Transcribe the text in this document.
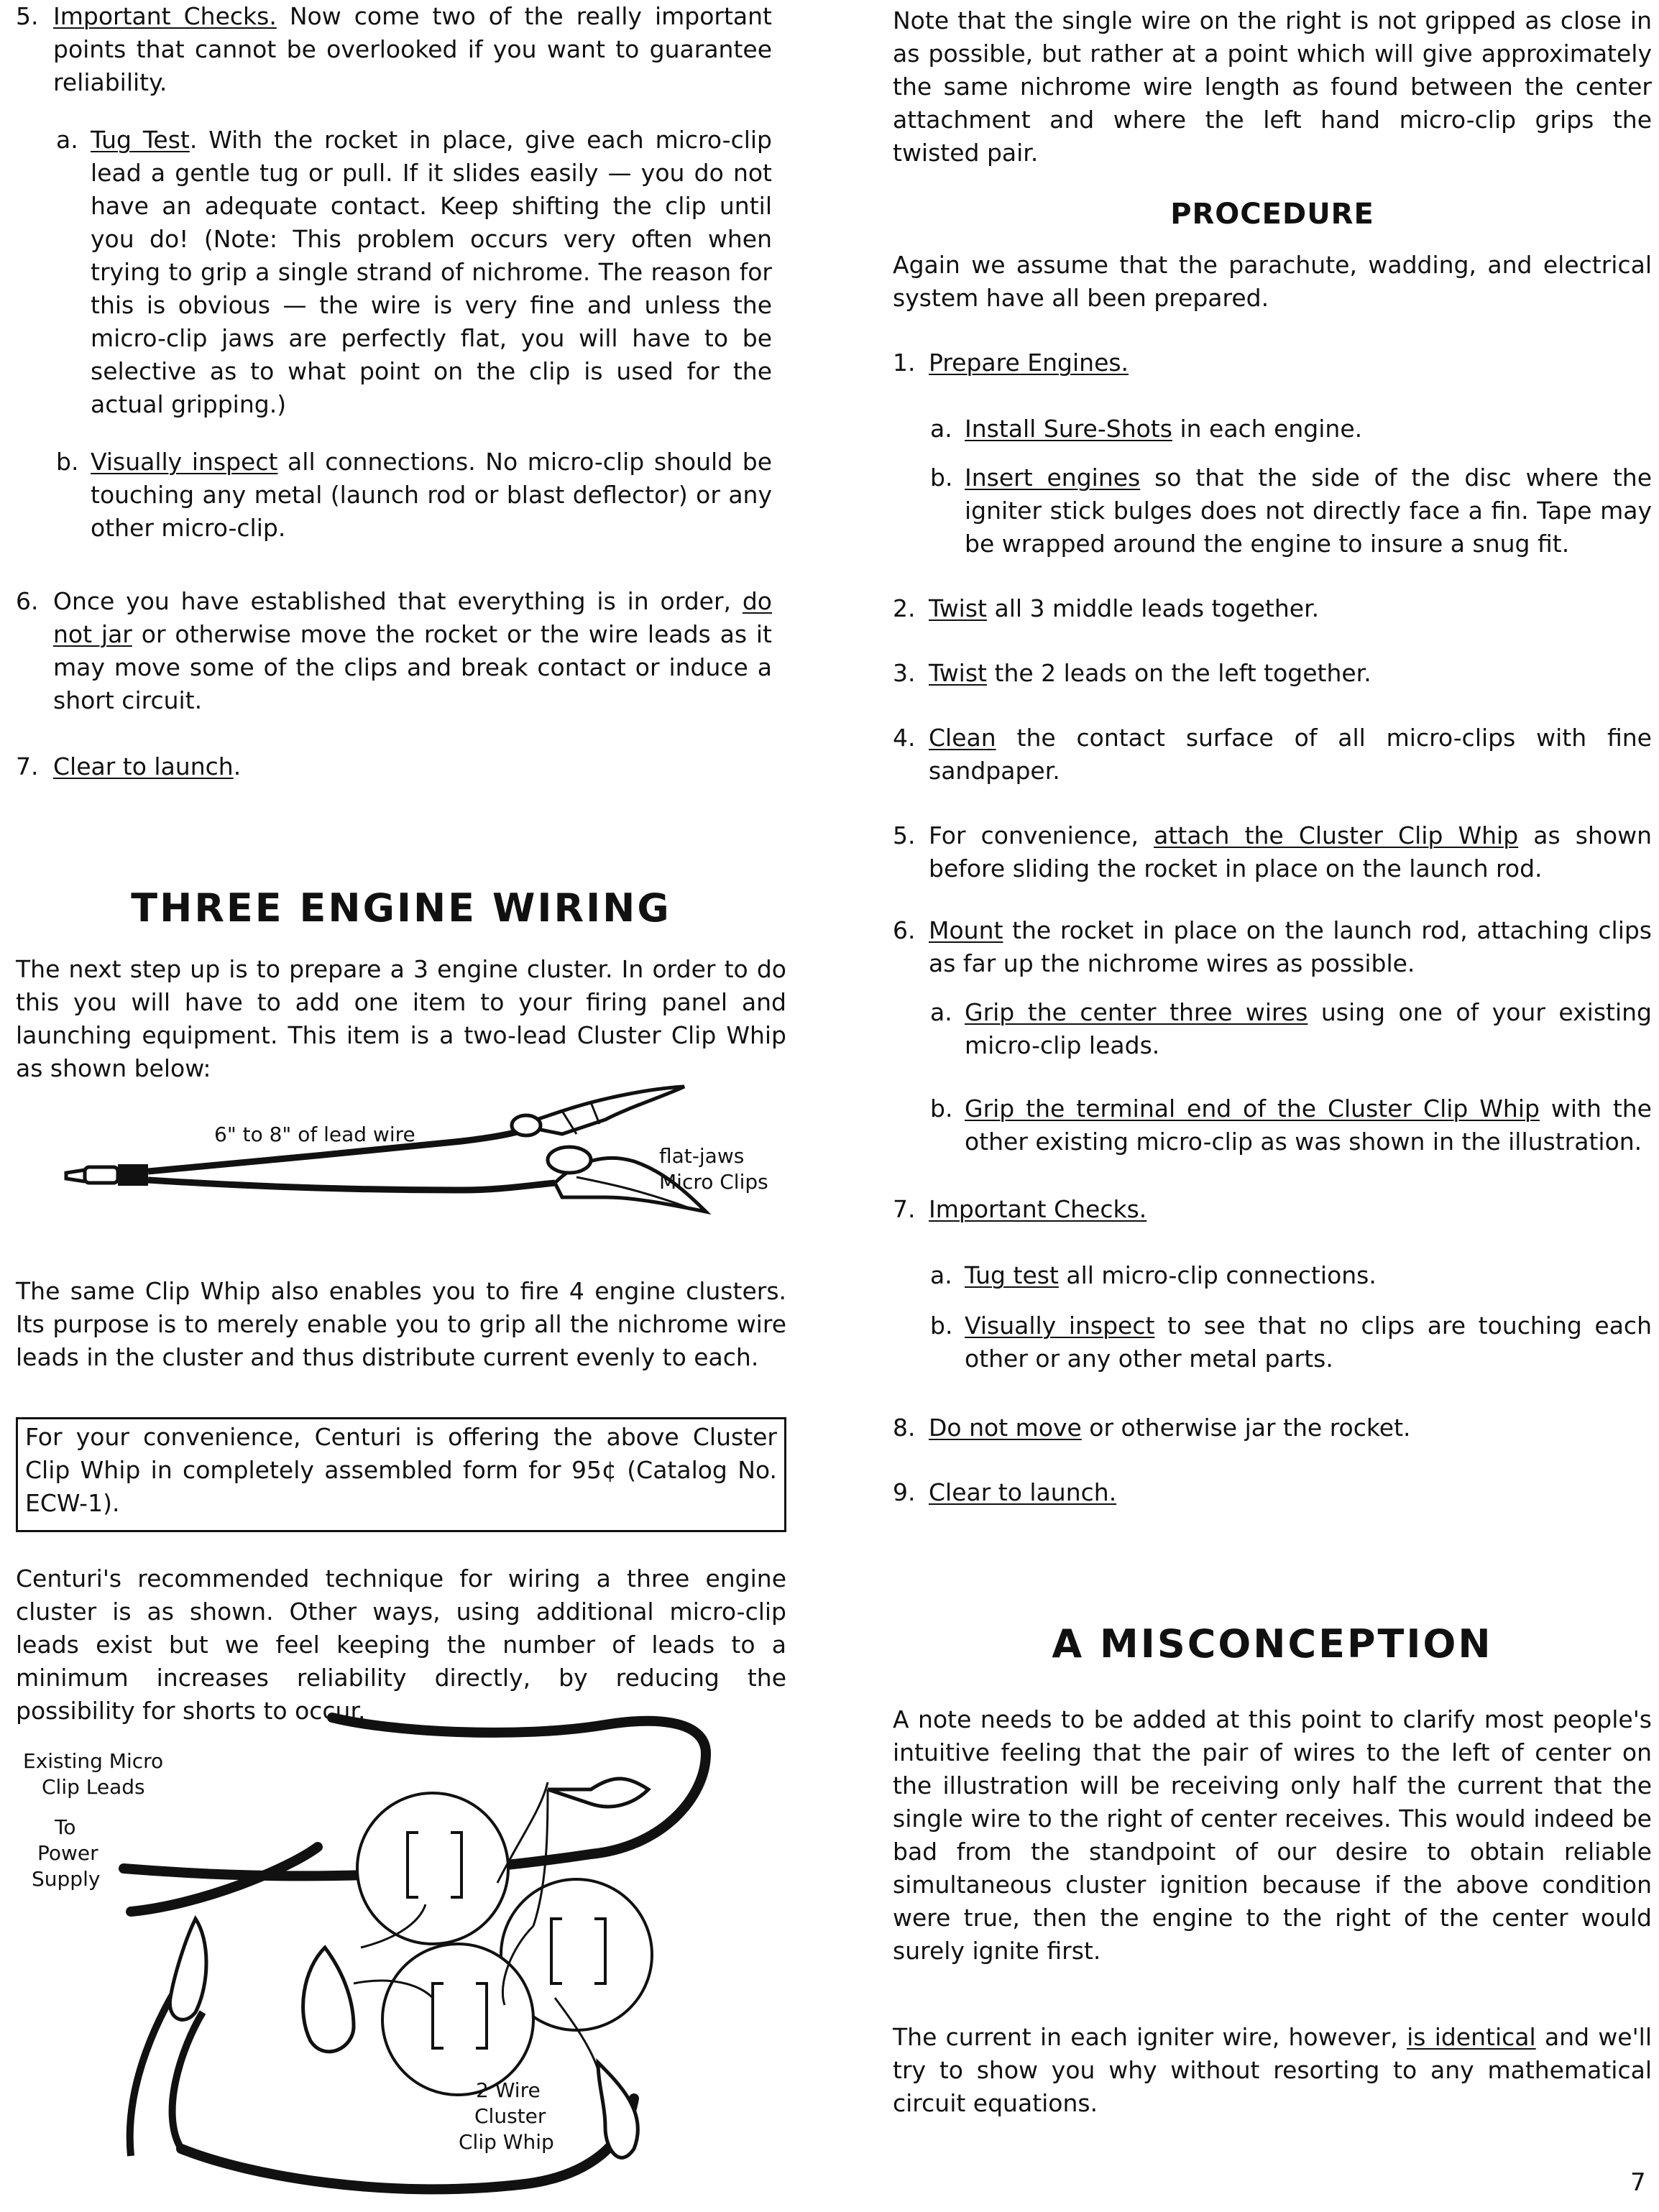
5. Important Checks. Now come two of the really important points that cannot be overlooked if you want to guarantee reliability.

a. Tug Test. With the rocket in place, give each micro-clip lead a gentle tug or pull. If it slides easily — you do not have an adequate contact. Keep shifting the clip until you do! (Note: This problem occurs very often when trying to grip a single strand of nichrome. The reason for this is obvious — the wire is very fine and unless the micro-clip jaws are perfectly flat, you will have to be selective as to what point on the clip is used for the actual gripping.)

b. Visually inspect all connections. No micro-clip should be touching any metal (launch rod or blast deflector) or any other micro-clip.

6. Once you have established that everything is in order, do not jar or otherwise move the rocket or the wire leads as it may move some of the clips and break contact or induce a short circuit.

7. Clear to launch.

THREE ENGINE WIRING

The next step up is to prepare a 3 engine cluster. In order to do this you will have to add one item to your firing panel and launching equipment. This item is a two-lead Cluster Clip Whip as shown below:

6" to 8" of lead wire
flat-jaws
Micro Clips

The same Clip Whip also enables you to fire 4 engine clusters. Its purpose is to merely enable you to grip all the nichrome wire leads in the cluster and thus distribute current evenly to each.

For your convenience, Centuri is offering the above Cluster Clip Whip in completely assembled form for 95¢ (Catalog No. ECW-1).

Centuri's recommended technique for wiring a three engine cluster is as shown. Other ways, using additional micro-clip leads exist but we feel keeping the number of leads to a minimum increases reliability directly, by reducing the possibility for shorts to occur.

Existing Micro
Clip Leads
To
Power
Supply
2 Wire
Cluster
Clip Whip

Note that the single wire on the right is not gripped as close in as possible, but rather at a point which will give approximately the same nichrome wire length as found between the center attachment and where the left hand micro-clip grips the twisted pair.

PROCEDURE

Again we assume that the parachute, wadding, and electrical system have all been prepared.

1. Prepare Engines.

a. Install Sure-Shots in each engine.

b. Insert engines so that the side of the disc where the igniter stick bulges does not directly face a fin. Tape may be wrapped around the engine to insure a snug fit.

2. Twist all 3 middle leads together.

3. Twist the 2 leads on the left together.

4. Clean the contact surface of all micro-clips with fine sandpaper.

5. For convenience, attach the Cluster Clip Whip as shown before sliding the rocket in place on the launch rod.

6. Mount the rocket in place on the launch rod, attaching clips as far up the nichrome wires as possible.

a. Grip the center three wires using one of your existing micro-clip leads.

b. Grip the terminal end of the Cluster Clip Whip with the other existing micro-clip as was shown in the illustration.

7. Important Checks.

a. Tug test all micro-clip connections.

b. Visually inspect to see that no clips are touching each other or any other metal parts.

8. Do not move or otherwise jar the rocket.

9. Clear to launch.

A MISCONCEPTION

A note needs to be added at this point to clarify most people's intuitive feeling that the pair of wires to the left of center on the illustration will be receiving only half the current that the single wire to the right of center receives. This would indeed be bad from the standpoint of our desire to obtain reliable simultaneous cluster ignition because if the above condition were true, then the engine to the right of the center would surely ignite first.

The current in each igniter wire, however, is identical and we'll try to show you why without resorting to any mathematical circuit equations.

7
